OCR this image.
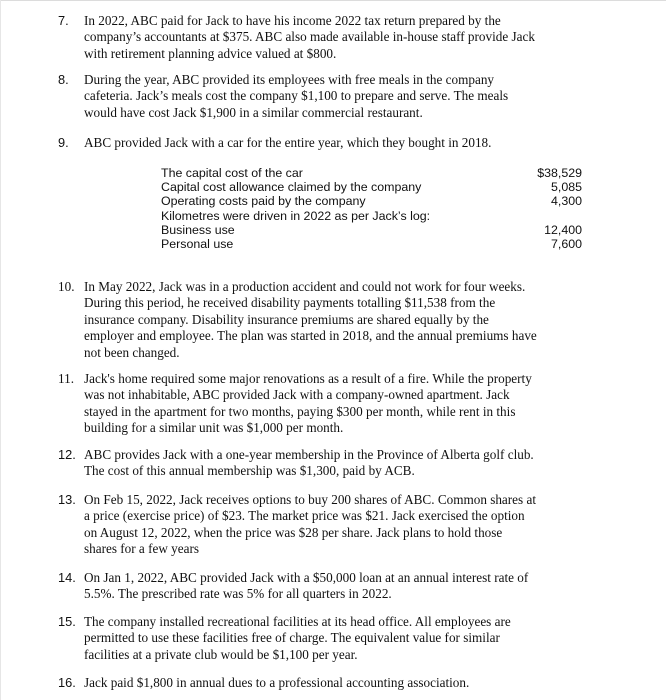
7. In 2022, ABC paid for Jack to have his income 2022 tax return prepared by the
company’s accountants at $375. ABC also made available in-house staff provide Jack
with retirement planning advice valued at $800.
8. During the year, ABC provided its employees with free meals in the company
cafeteria. Jack’s meals cost the company $1,100 to prepare and serve. The meals
would have cost Jack $1,900 in a similar commercial restaurant.
9. ABC provided Jack with a car for the entire year, which they bought in 2018.
The capital cost of the car	$38,529
Capital cost allowance claimed by the company	5,085
Operating costs paid by the company	4,300
Kilometres were driven in 2022 as per Jack’s log:
Business use	12,400
Personal use	7,600
10. In May 2022, Jack was in a production accident and could not work for four weeks.
During this period, he received disability payments totalling $11,538 from the
insurance company. Disability insurance premiums are shared equally by the
employer and employee. The plan was started in 2018, and the annual premiums have
not been changed.
11. Jack's home required some major renovations as a result of a fire. While the property
was not inhabitable, ABC provided Jack with a company-owned apartment. Jack
stayed in the apartment for two months, paying $300 per month, while rent in this
building for a similar unit was $1,000 per month.
12. ABC provides Jack with a one-year membership in the Province of Alberta golf club.
The cost of this annual membership was $1,300, paid by ACB.
13. On Feb 15, 2022, Jack receives options to buy 200 shares of ABC. Common shares at
a price (exercise price) of $23. The market price was $21. Jack exercised the option
on August 12, 2022, when the price was $28 per share. Jack plans to hold those
shares for a few years
14. On Jan 1, 2022, ABC provided Jack with a $50,000 loan at an annual interest rate of
5.5%. The prescribed rate was 5% for all quarters in 2022.
15. The company installed recreational facilities at its head office. All employees are
permitted to use these facilities free of charge. The equivalent value for similar
facilities at a private club would be $1,100 per year.
16. Jack paid $1,800 in annual dues to a professional accounting association.
